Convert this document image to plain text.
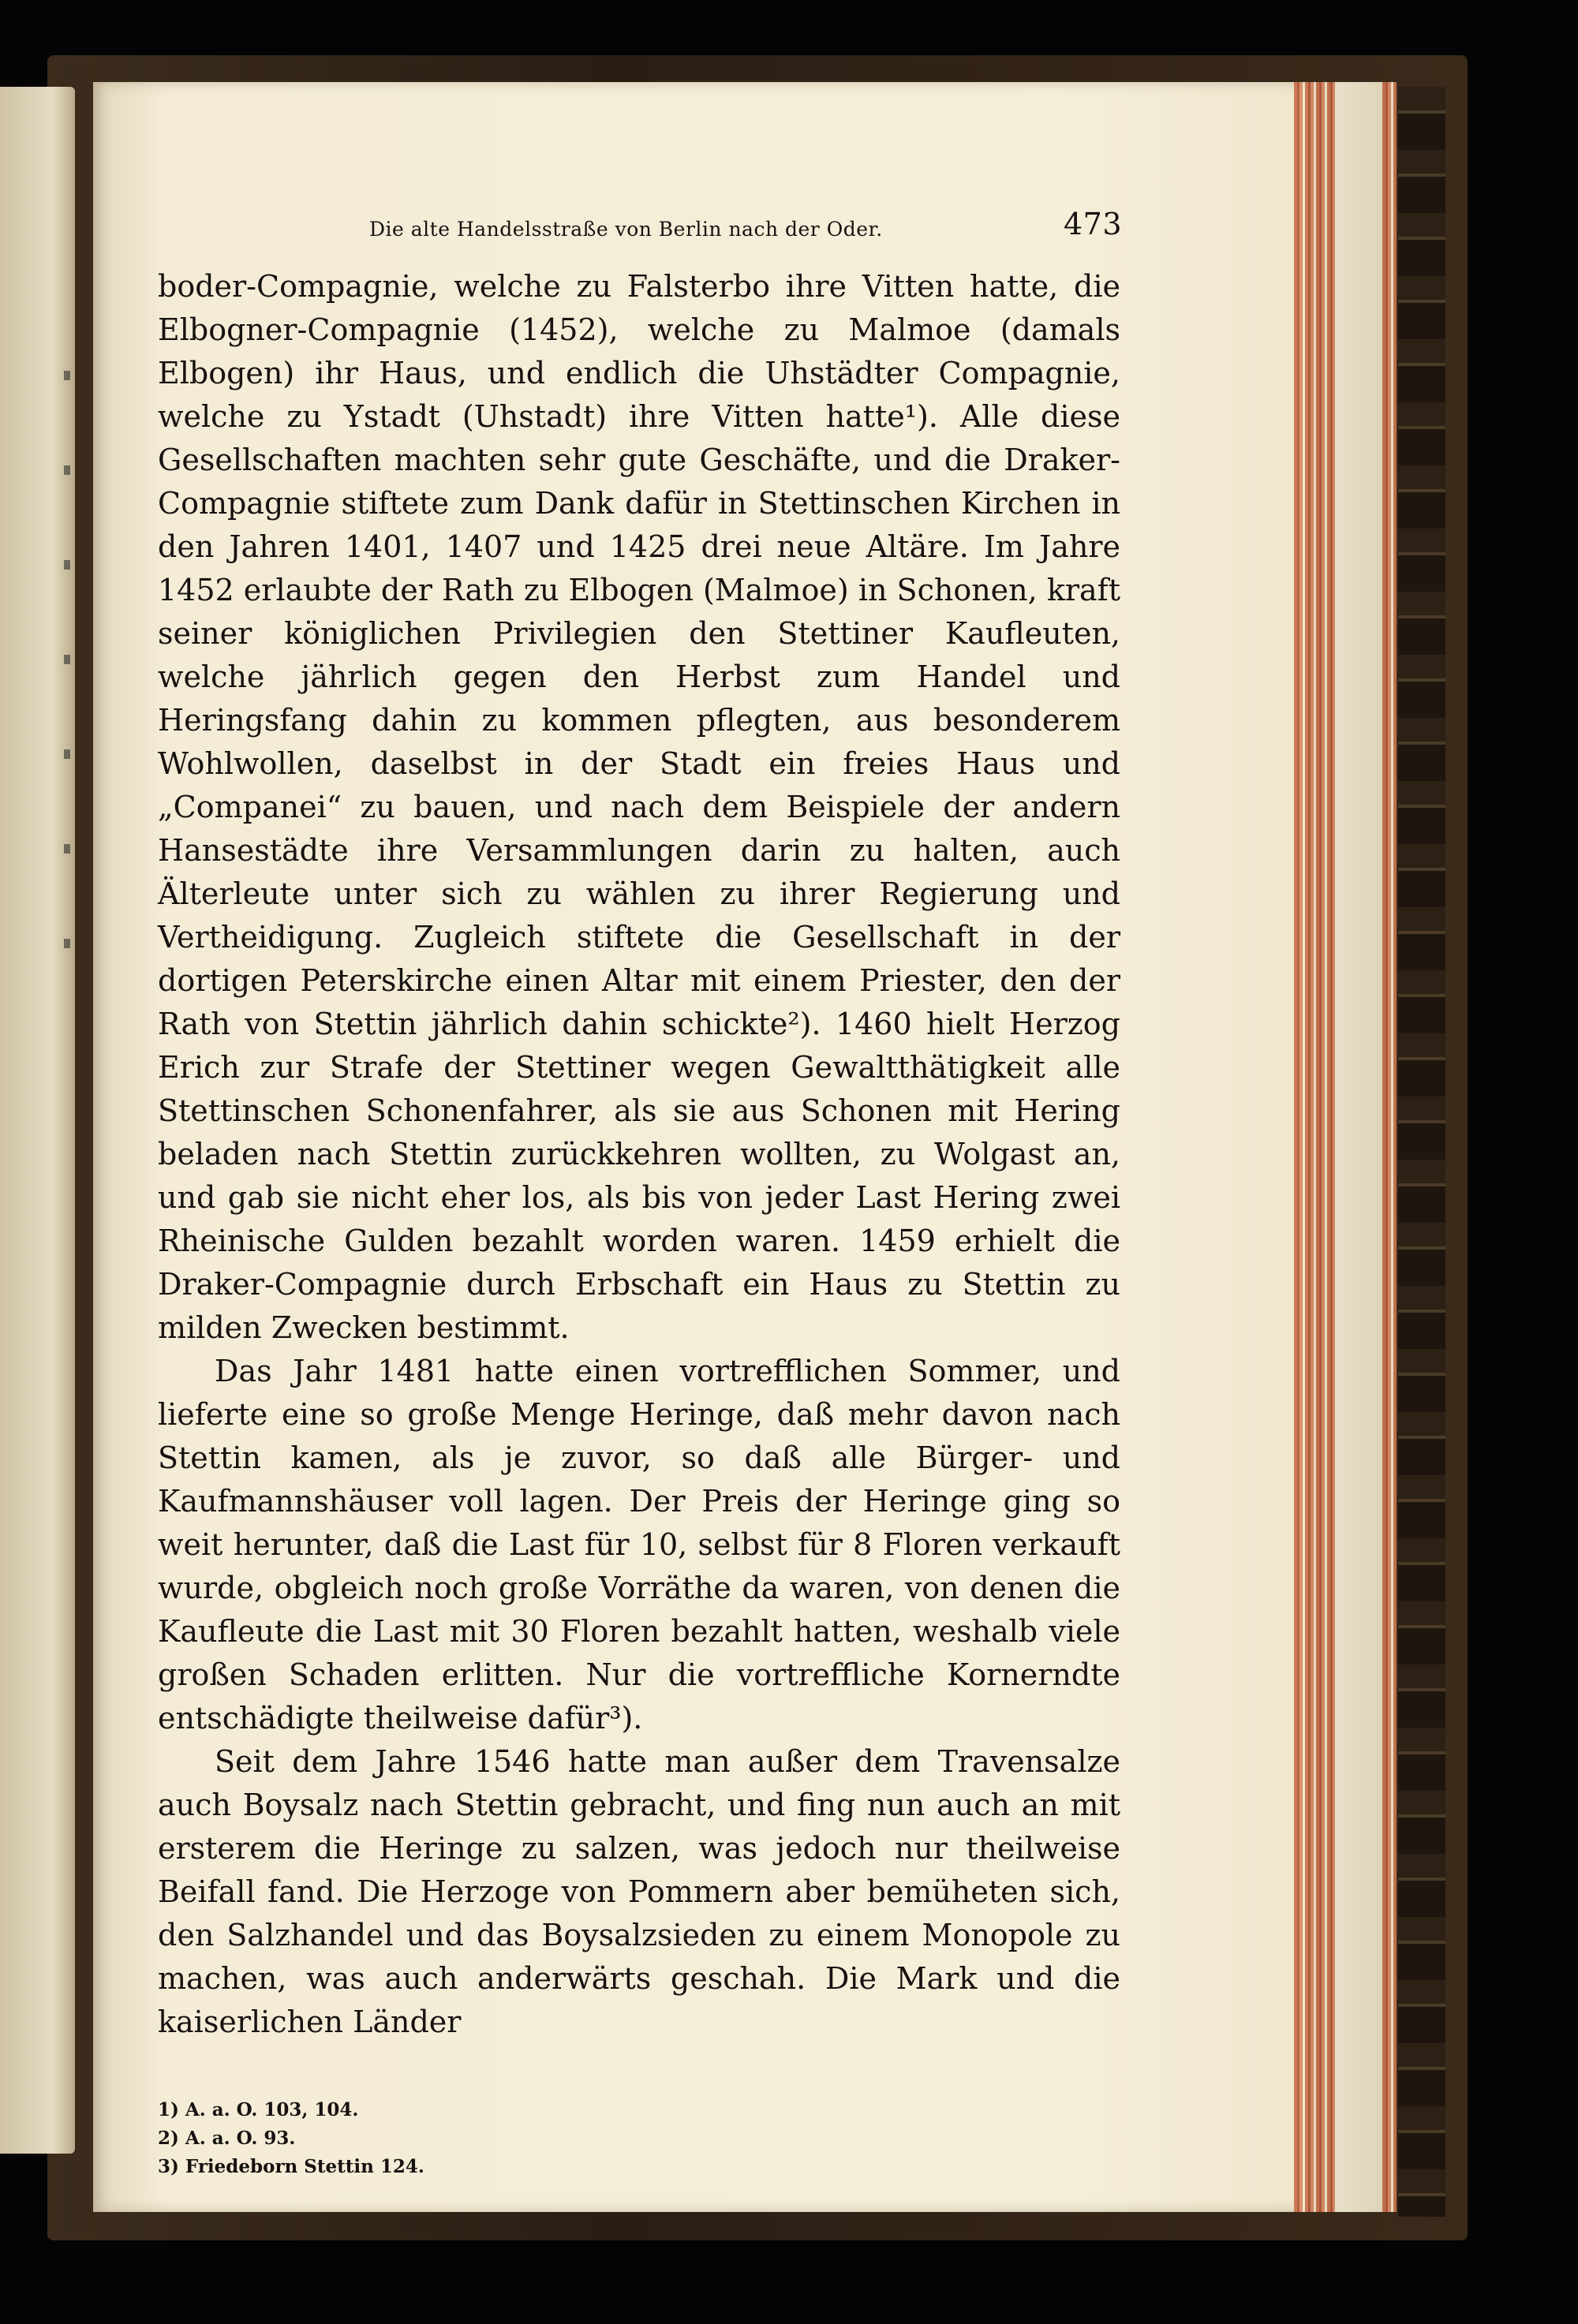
Die alte Handelsstraße von Berlin nach der Oder.	473

boder-Compagnie, welche zu Falsterbo ihre Vitten hatte, die Elbogner-Compagnie (1452), welche zu Malmoe (damals Elbogen) ihr Haus, und endlich die Uhstädter Compagnie, welche zu Ystadt (Uhstadt) ihre Vitten hatte¹). Alle diese Gesellschaften machten sehr gute Geschäfte, und die Draker-Compagnie stiftete zum Dank dafür in Stettinschen Kirchen in den Jahren 1401, 1407 und 1425 drei neue Altäre. Im Jahre 1452 erlaubte der Rath zu Elbogen (Malmoe) in Schonen, kraft seiner königlichen Privilegien den Stettiner Kaufleuten, welche jährlich gegen den Herbst zum Handel und Heringsfang dahin zu kommen pflegten, aus besonderem Wohlwollen, daselbst in der Stadt ein freies Haus und „Companei“ zu bauen, und nach dem Beispiele der andern Hansestädte ihre Versammlungen darin zu halten, auch Älterleute unter sich zu wählen zu ihrer Regierung und Vertheidigung. Zugleich stiftete die Gesellschaft in der dortigen Peterskirche einen Altar mit einem Priester, den der Rath von Stettin jährlich dahin schickte²). 1460 hielt Herzog Erich zur Strafe der Stettiner wegen Gewaltthätigkeit alle Stettinschen Schonenfahrer, als sie aus Schonen mit Hering beladen nach Stettin zurückkehren wollten, zu Wolgast an, und gab sie nicht eher los, als bis von jeder Last Hering zwei Rheinische Gulden bezahlt worden waren. 1459 erhielt die Draker-Compagnie durch Erbschaft ein Haus zu Stettin zu milden Zwecken bestimmt.

Das Jahr 1481 hatte einen vortrefflichen Sommer, und lieferte eine so große Menge Heringe, daß mehr davon nach Stettin kamen, als je zuvor, so daß alle Bürger- und Kaufmannshäuser voll lagen. Der Preis der Heringe ging so weit herunter, daß die Last für 10, selbst für 8 Floren verkauft wurde, obgleich noch große Vorräthe da waren, von denen die Kaufleute die Last mit 30 Floren bezahlt hatten, weshalb viele großen Schaden erlitten. Nur die vortreffliche Kornerndte entschädigte theilweise dafür³).

Seit dem Jahre 1546 hatte man außer dem Travensalze auch Boysalz nach Stettin gebracht, und fing nun auch an mit ersterem die Heringe zu salzen, was jedoch nur theilweise Beifall fand. Die Herzoge von Pommern aber bemüheten sich, den Salzhandel und das Boysalzsieden zu einem Monopole zu machen, was auch anderwärts geschah. Die Mark und die kaiserlichen Länder

1) A. a. O. 103, 104.
2) A. a. O. 93.
3) Friedeborn Stettin 124.
